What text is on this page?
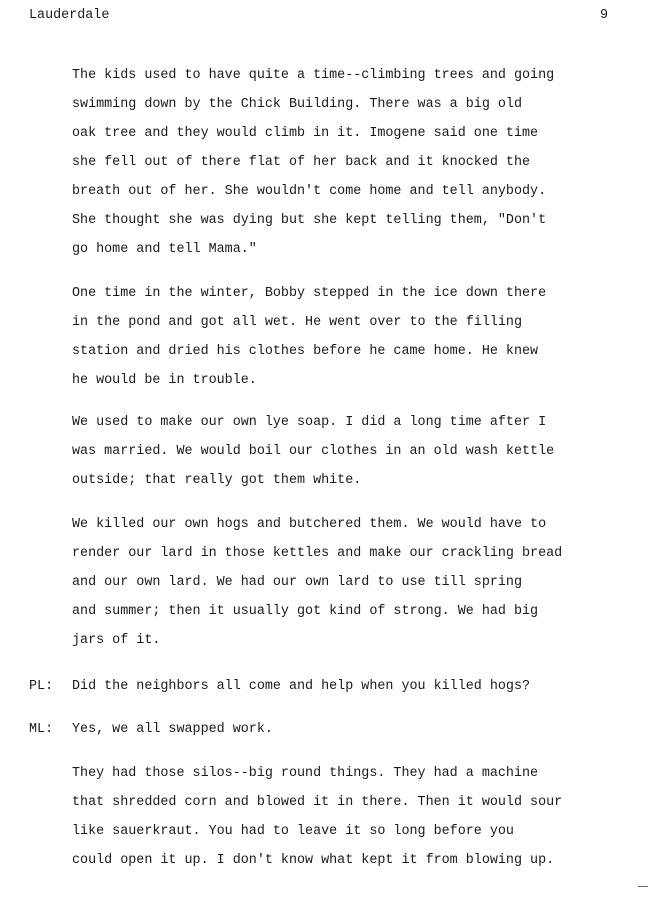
Lauderdale	9
The kids used to have quite a time--climbing trees and going
swimming down by the Chick Building. There was a big old
oak tree and they would climb in it. Imogene said one time
she fell out of there flat of her back and it knocked the
breath out of her. She wouldn't come home and tell anybody.
She thought she was dying but she kept telling them, "Don't
go home and tell Mama."
One time in the winter, Bobby stepped in the ice down there
in the pond and got all wet. He went over to the filling
station and dried his clothes before he came home. He knew
he would be in trouble.
We used to make our own lye soap. I did a long time after I
was married. We would boil our clothes in an old wash kettle
outside; that really got them white.
We killed our own hogs and butchered them. We would have to
render our lard in those kettles and make our crackling bread
and our own lard. We had our own lard to use till spring
and summer; then it usually got kind of strong. We had big
jars of it.
PL: Did the neighbors all come and help when you killed hogs?
ML: Yes, we all swapped work.
They had those silos--big round things. They had a machine
that shredded corn and blowed it in there. Then it would sour
like sauerkraut. You had to leave it so long before you
could open it up. I don't know what kept it from blowing up.
